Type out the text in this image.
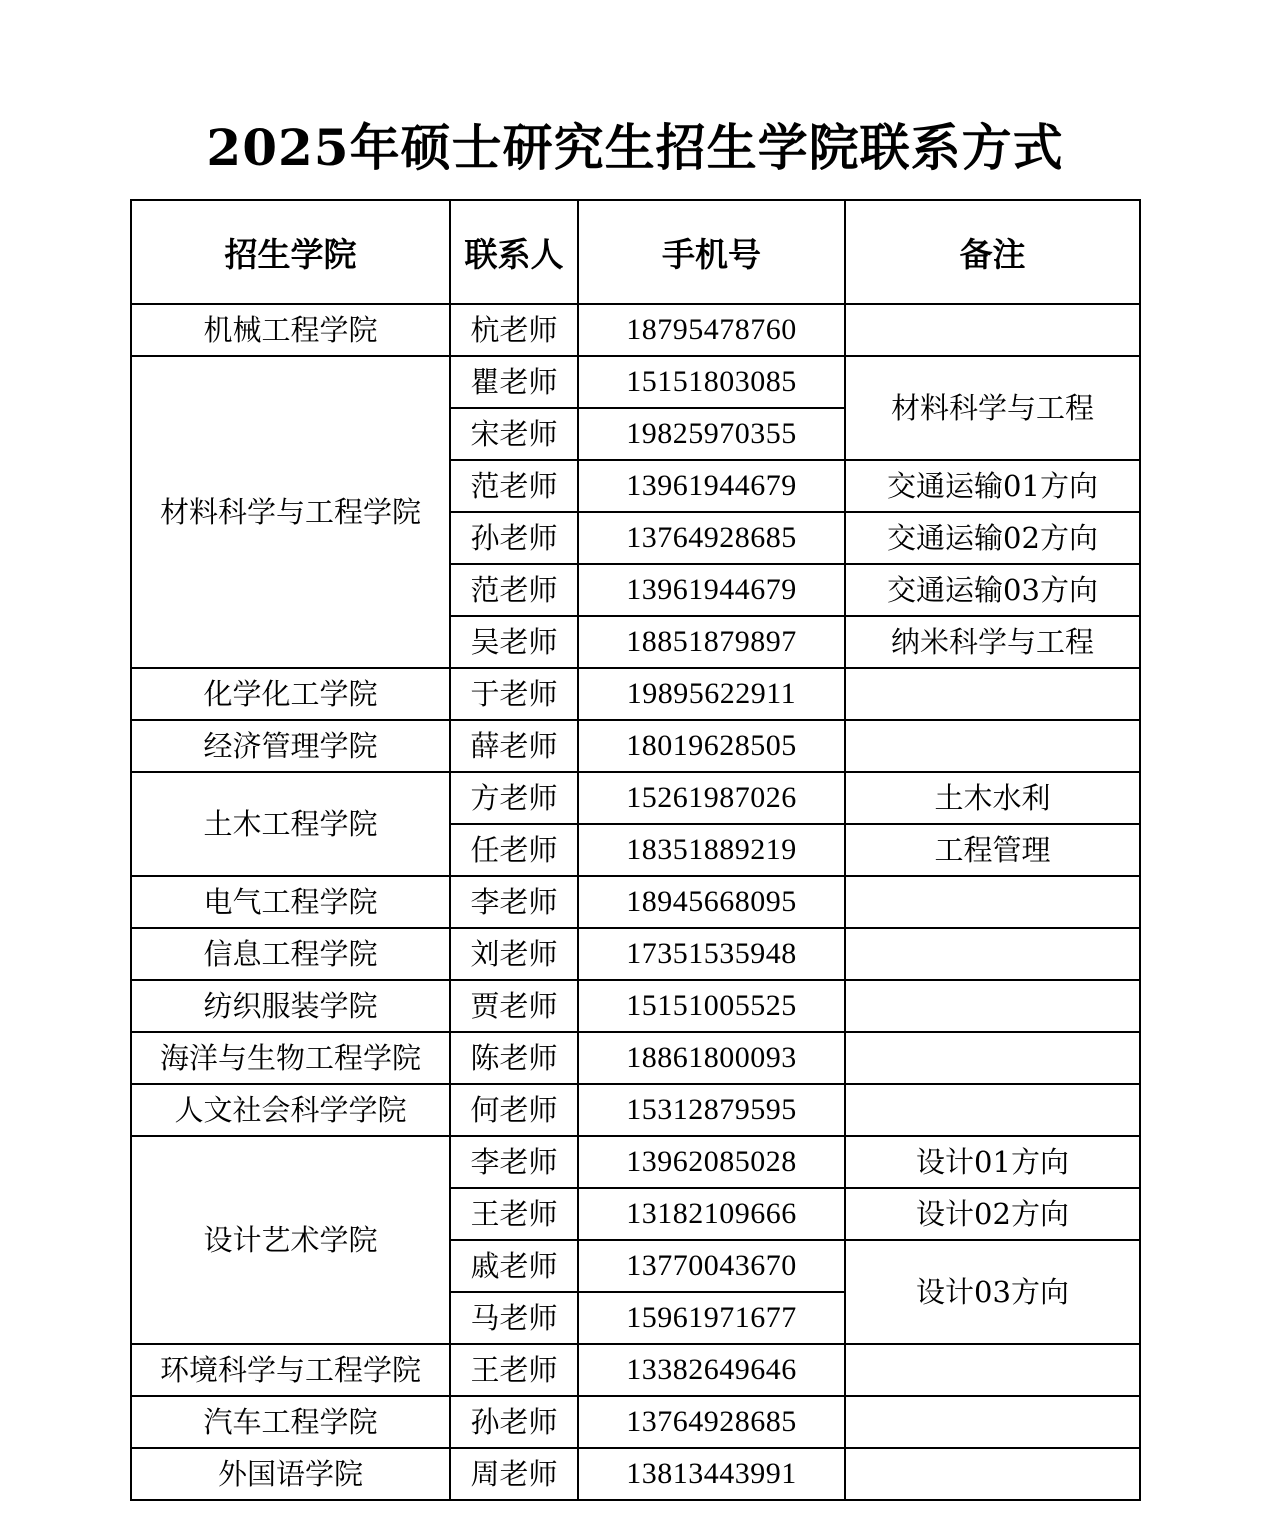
2025年硕士研究生招生学院联系方式
招生学院	联系人	手机号	备注
机械工程学院	杭老师	18795478760	
材料科学与工程学院	瞿老师	15151803085	材料科学与工程
	宋老师	19825970355	
	范老师	13961944679	交通运输01方向
	孙老师	13764928685	交通运输02方向
	范老师	13961944679	交通运输03方向
	吴老师	18851879897	纳米科学与工程
化学化工学院	于老师	19895622911	
经济管理学院	薛老师	18019628505	
土木工程学院	方老师	15261987026	土木水利
	任老师	18351889219	工程管理
电气工程学院	李老师	18945668095	
信息工程学院	刘老师	17351535948	
纺织服装学院	贾老师	15151005525	
海洋与生物工程学院	陈老师	18861800093	
人文社会科学学院	何老师	15312879595	
设计艺术学院	李老师	13962085028	设计01方向
	王老师	13182109666	设计02方向
	戚老师	13770043670	设计03方向
	马老师	15961971677	
环境科学与工程学院	王老师	13382649646	
汽车工程学院	孙老师	13764928685	
外国语学院	周老师	13813443991	
